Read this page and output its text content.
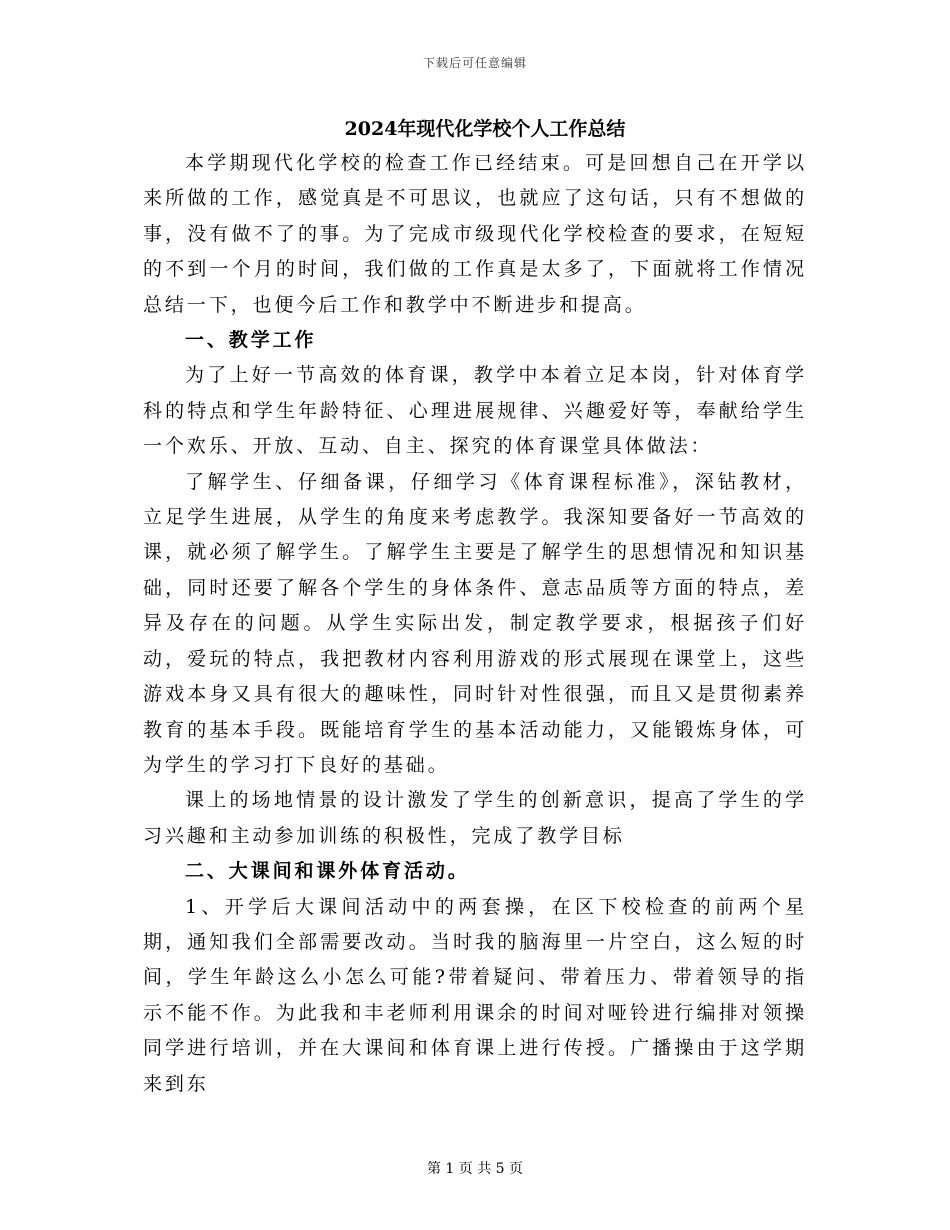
下载后可任意编辑
2024年现代化学校个人工作总结

本学期现代化学校的检查工作已经结束。可是回想自己在开学以来所做的工作，感觉真是不可思议，也就应了这句话，只有不想做的事，没有做不了的事。为了完成市级现代化学校检查的要求，在短短的不到一个月的时间，我们做的工作真是太多了，下面就将工作情况总结一下，也便今后工作和教学中不断进步和提高。

一、教学工作

为了上好一节高效的体育课，教学中本着立足本岗，针对体育学科的特点和学生年龄特征、心理进展规律、兴趣爱好等，奉献给学生一个欢乐、开放、互动、自主、探究的体育课堂具体做法：

了解学生、仔细备课，仔细学习《体育课程标准》，深钻教材，立足学生进展，从学生的角度来考虑教学。我深知要备好一节高效的课，就必须了解学生。了解学生主要是了解学生的思想情况和知识基础，同时还要了解各个学生的身体条件、意志品质等方面的特点，差异及存在的问题。从学生实际出发，制定教学要求，根据孩子们好动，爱玩的特点，我把教材内容利用游戏的形式展现在课堂上，这些游戏本身又具有很大的趣味性，同时针对性很强，而且又是贯彻素养教育的基本手段。既能培育学生的基本活动能力，又能锻炼身体，可为学生的学习打下良好的基础。

课上的场地情景的设计激发了学生的创新意识，提高了学生的学习兴趣和主动参加训练的积极性，完成了教学目标

二、大课间和课外体育活动。

1、开学后大课间活动中的两套操，在区下校检查的前两个星期，通知我们全部需要改动。当时我的脑海里一片空白，这么短的时间，学生年龄这么小怎么可能?带着疑问、带着压力、带着领导的指示不能不作。为此我和丰老师利用课余的时间对哑铃进行编排对领操同学进行培训，并在大课间和体育课上进行传授。广播操由于这学期来到东

第 1 页 共 5 页
